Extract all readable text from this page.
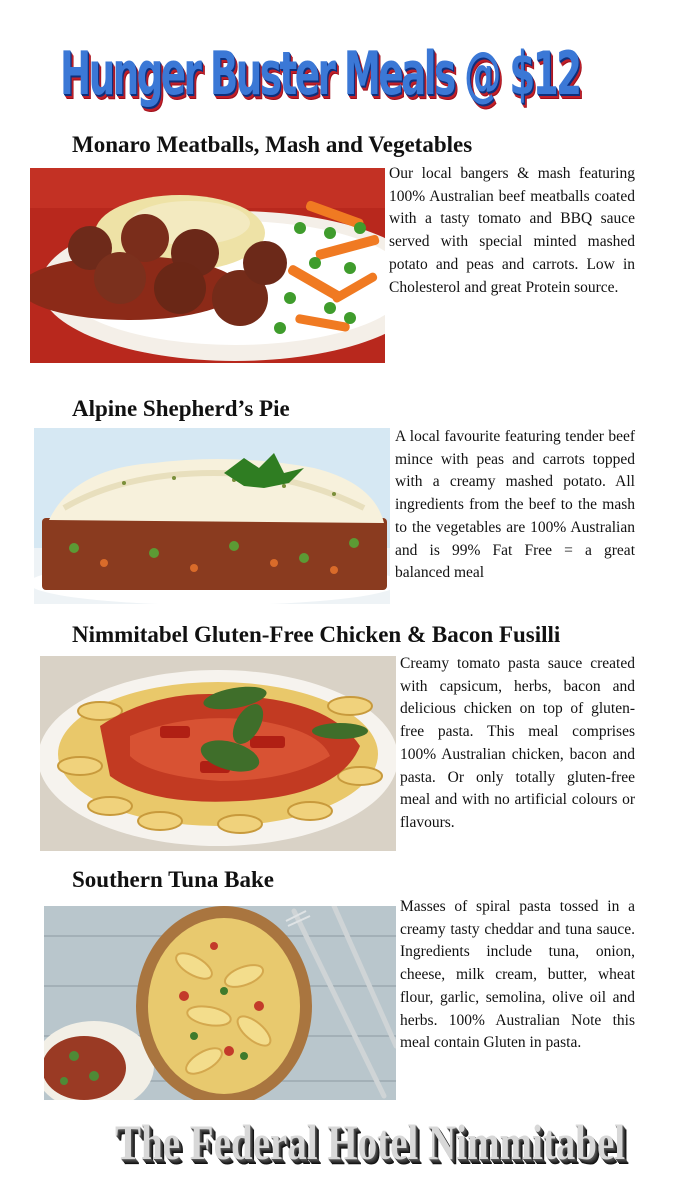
Hunger Buster Meals @ $12
Monaro Meatballs, Mash and Vegetables
Our local bangers & mash featuring 100% Australian beef meatballs coated with a tasty tomato and BBQ sauce served with special minted mashed potato and peas and carrots. Low in Cholesterol and great Protein source.
Alpine Shepherd’s Pie
A local favourite featuring tender beef mince with peas and carrots topped with a creamy mashed potato. All ingredients from the beef to the mash to the vegetables are 100% Australian and is 99% Fat Free = a great balanced meal
Nimmitabel Gluten-Free Chicken & Bacon Fusilli
Creamy tomato pasta sauce created with capsicum, herbs, bacon and delicious chicken on top of gluten-free pasta. This meal comprises 100% Australian chicken, bacon and pasta. Or only totally gluten-free meal and with no artificial colours or flavours.
Southern Tuna Bake
Masses of spiral pasta tossed in a creamy tasty cheddar and tuna sauce. Ingredients include tuna, onion, cheese, milk cream, butter, wheat flour, garlic, semolina, olive oil and herbs. 100% Australian Note this meal contain Gluten in pasta.
The Federal Hotel Nimmitabel
